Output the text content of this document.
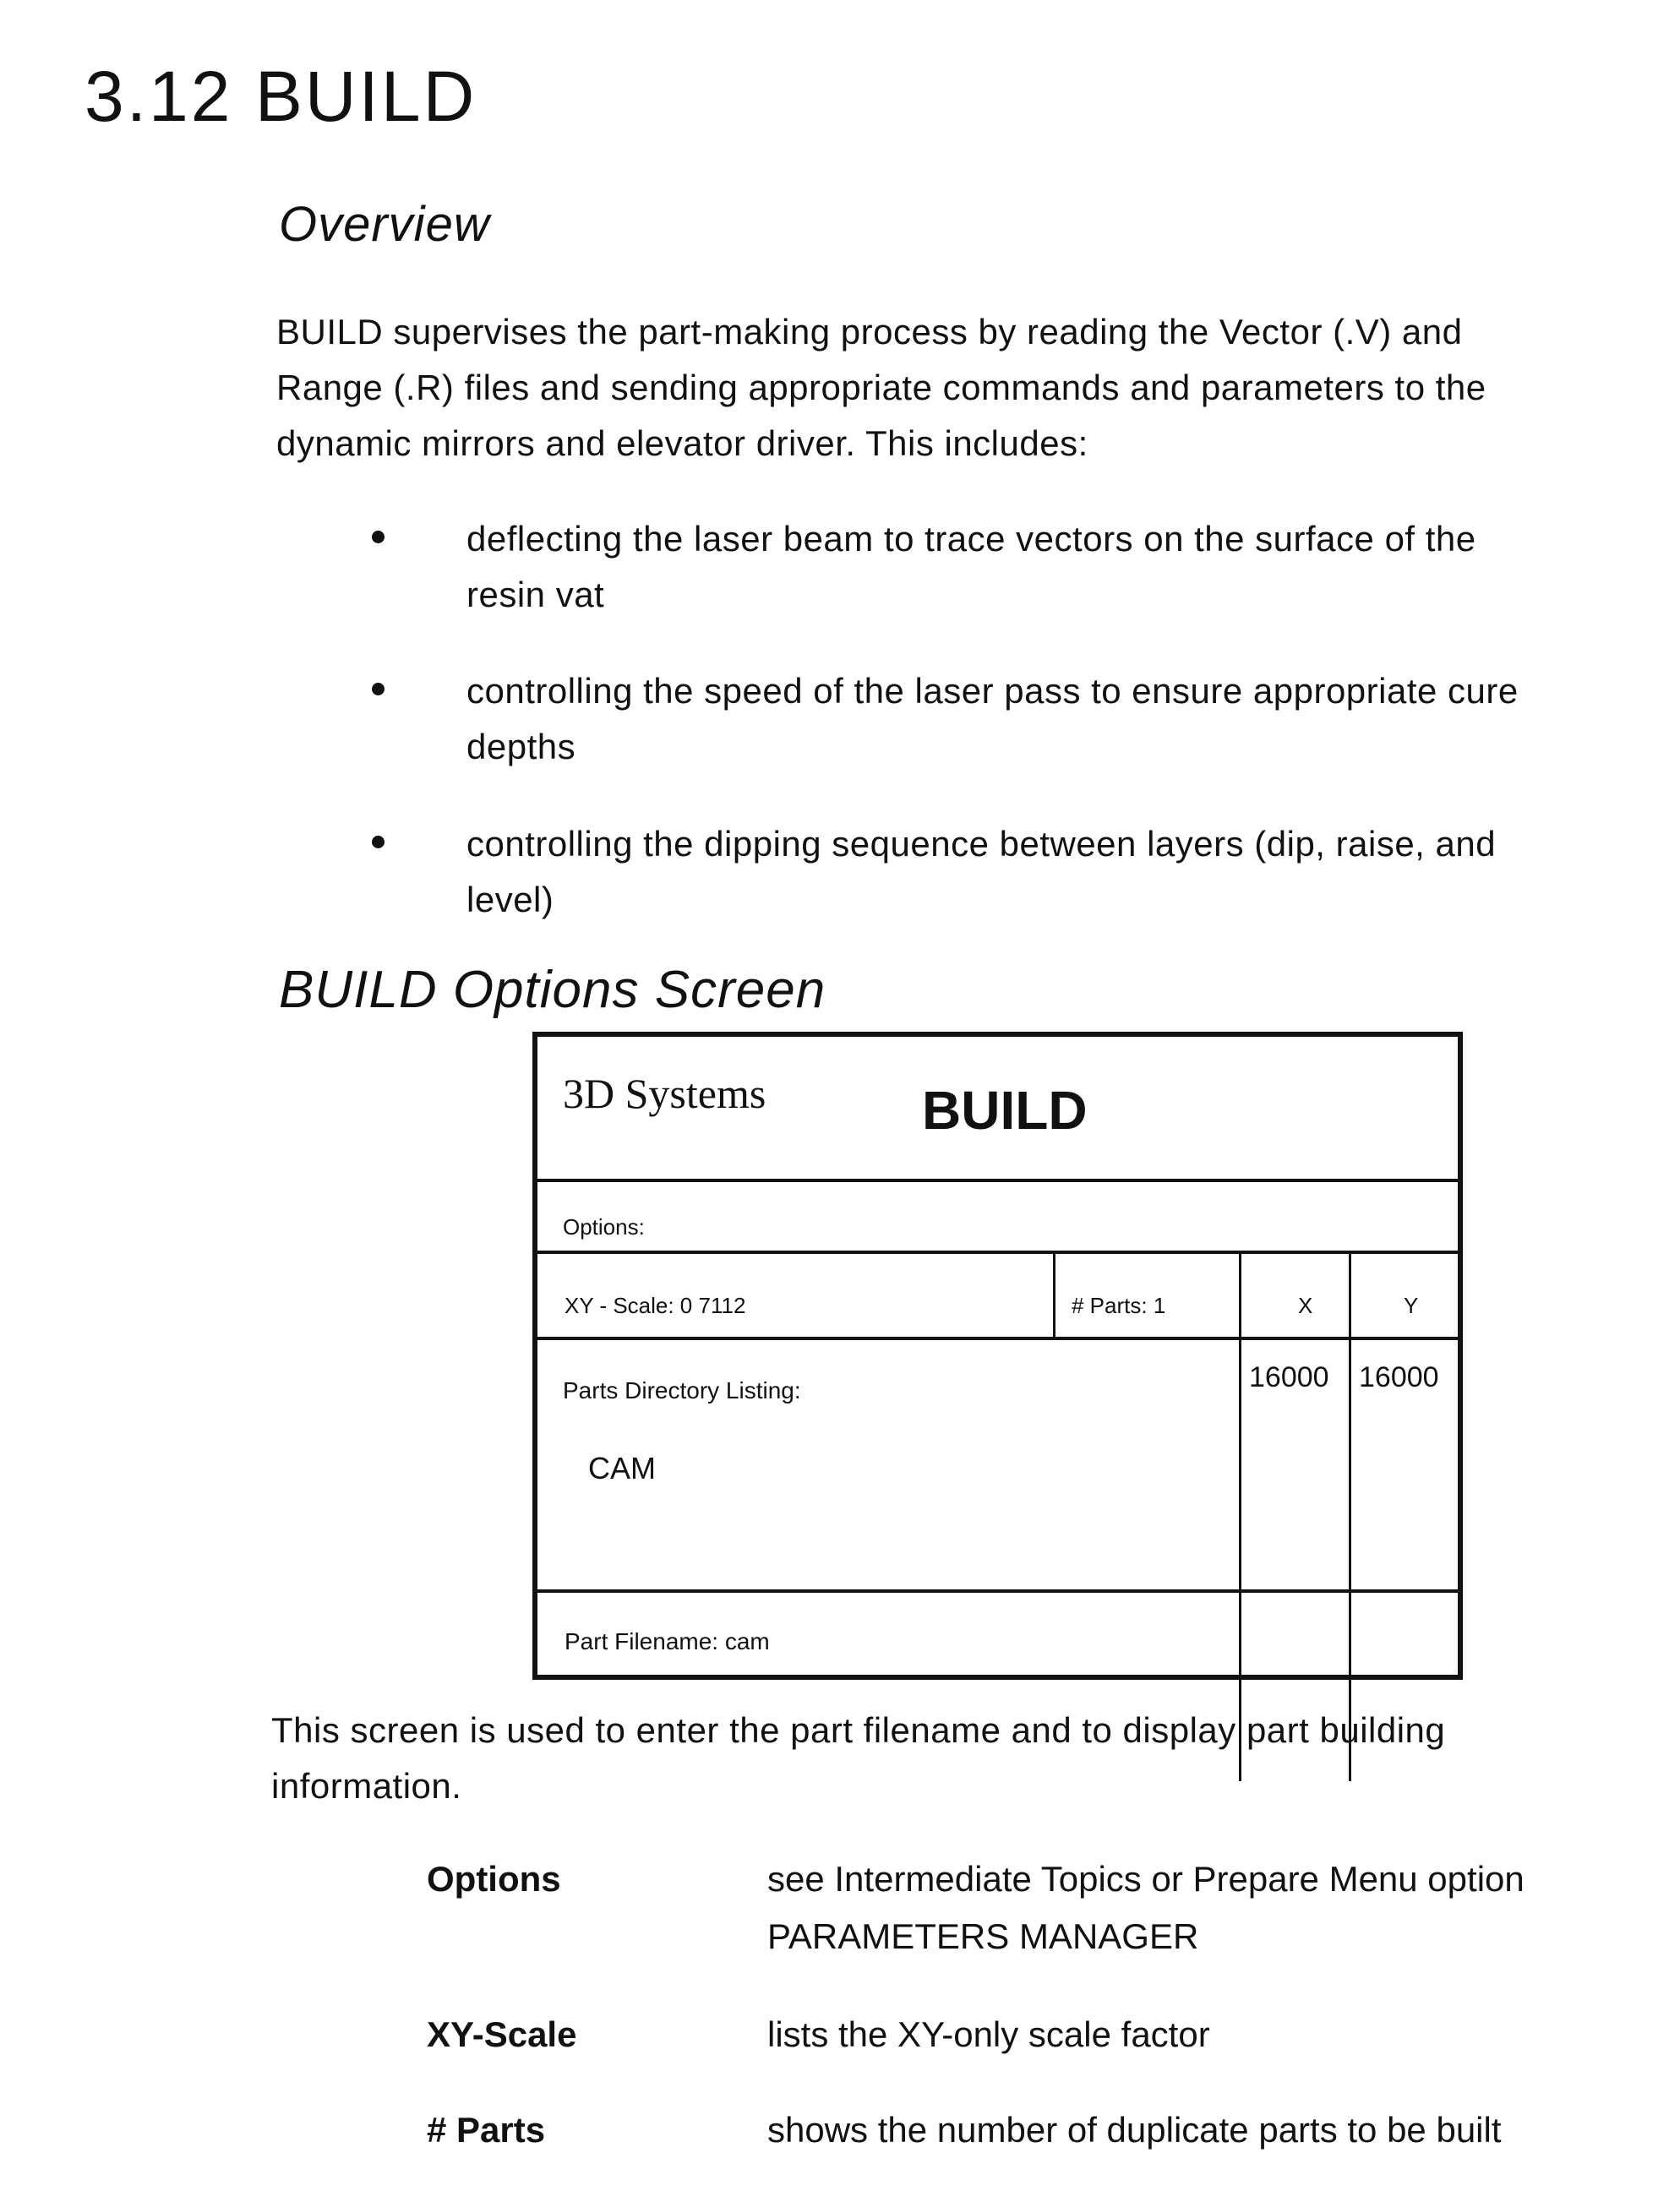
3.12 BUILD
Overview
BUILD supervises the part-making process by reading the Vector (.V) and
Range (.R) files and sending appropriate commands and parameters to the
dynamic mirrors and elevator driver. This includes:
deflecting the laser beam to trace vectors on the surface of the
resin vat
controlling the speed of the laser pass to ensure appropriate cure
depths
controlling the dipping sequence between layers (dip, raise, and
level)
BUILD Options Screen
3D Systems	BUILD
Options:
XY - Scale: 0 7112	# Parts: 1	X	Y
Parts Directory Listing:
CAM
16000 16000
Part Filename: cam
This screen is used to enter the part filename and to display part building
information.
Options	see Intermediate Topics or Prepare Menu option
PARAMETERS MANAGER
XY-Scale	lists the XY-only scale factor
# Parts	shows the number of duplicate parts to be built
